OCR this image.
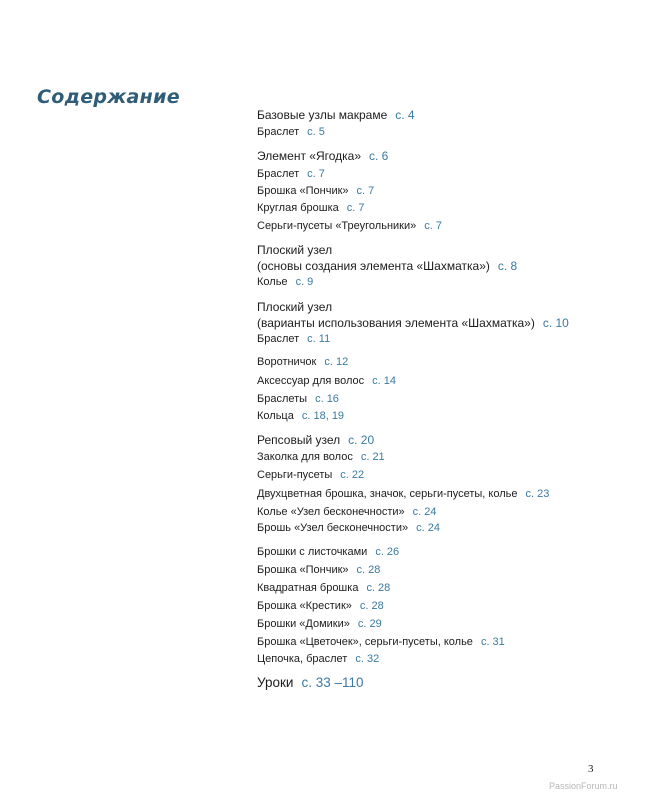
Содержание
Базовые узлы макраме с. 4
Браслет с. 5
Элемент «Ягодка» с. 6
Браслет с. 7
Брошка «Пончик» с. 7
Круглая брошка с. 7
Серьги-пусеты «Треугольники» с. 7
Плоский узел
(основы создания элемента «Шахматка») с. 8
Колье с. 9
Плоский узел
(варианты использования элемента «Шахматка») с. 10
Браслет с. 11
Воротничок с. 12
Аксессуар для волос с. 14
Браслеты с. 16
Кольца с. 18, 19
Репсовый узел с. 20
Заколка для волос с. 21
Серьги-пусеты с. 22
Двухцветная брошка, значок, серьги-пусеты, колье с. 23
Колье «Узел бесконечности» с. 24
Брошь «Узел бесконечности» с. 24
Брошки с листочками с. 26
Брошка «Пончик» с. 28
Квадратная брошка с. 28
Брошка «Крестик» с. 28
Брошки «Домики» с. 29
Брошка «Цветочек», серьги-пусеты, колье с. 31
Цепочка, браслет с. 32
Уроки с. 33 –110
3
PassionForum.ru
